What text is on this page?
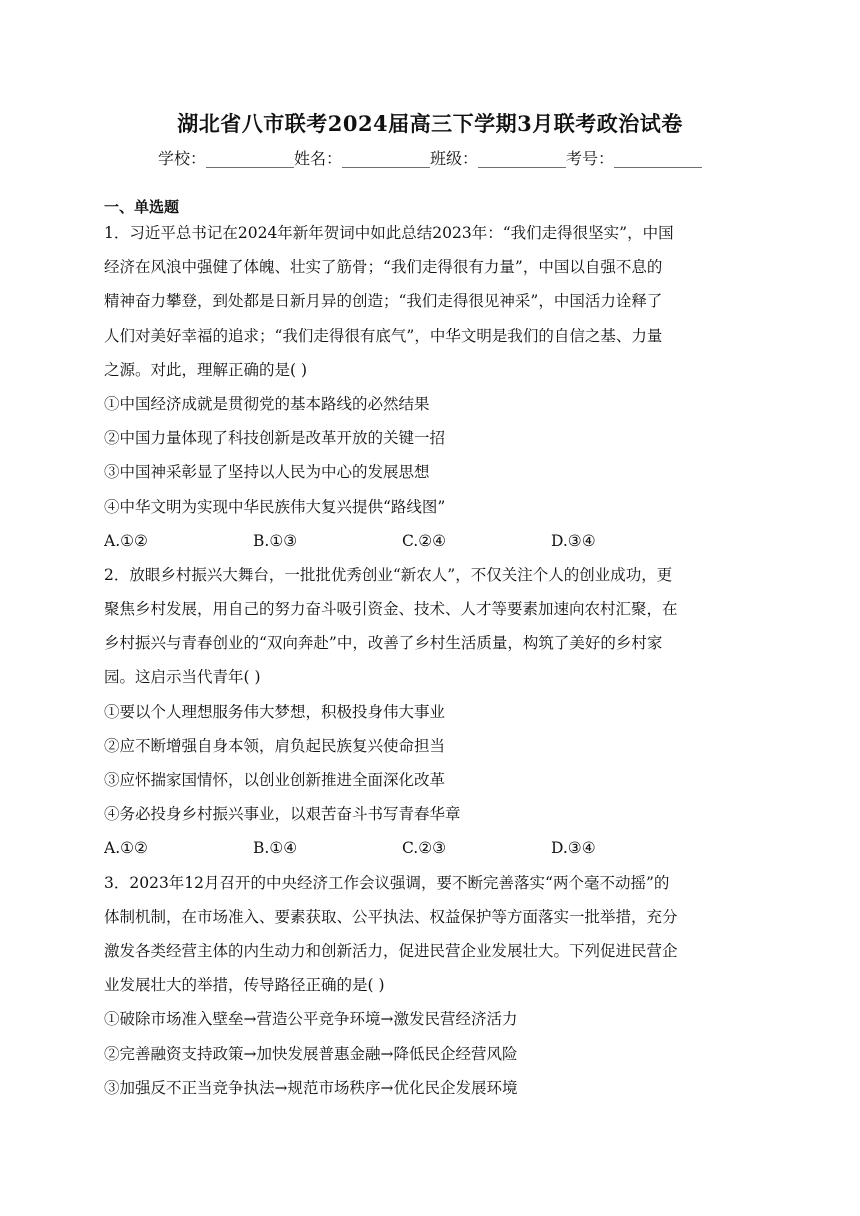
湖北省八市联考2024届高三下学期3月联考政治试卷
学校：___________姓名：___________班级：___________考号：___________
一、单选题
1．习近平总书记在2024年新年贺词中如此总结2023年：“我们走得很坚实”，中国
经济在风浪中强健了体魄、壮实了筋骨；“我们走得很有力量”，中国以自强不息的
精神奋力攀登，到处都是日新月异的创造；“我们走得很见神采”，中国活力诠释了
人们对美好幸福的追求；“我们走得很有底气”，中华文明是我们的自信之基、力量
之源。对此，理解正确的是( )
①中国经济成就是贯彻党的基本路线的必然结果
②中国力量体现了科技创新是改革开放的关键一招
③中国神采彰显了坚持以人民为中心的发展思想
④中华文明为实现中华民族伟大复兴提供“路线图”
A.①②	B.①③	C.②④	D.③④
2．放眼乡村振兴大舞台，一批批优秀创业“新农人”，不仅关注个人的创业成功，更
聚焦乡村发展，用自己的努力奋斗吸引资金、技术、人才等要素加速向农村汇聚，在
乡村振兴与青春创业的“双向奔赴”中，改善了乡村生活质量，构筑了美好的乡村家
园。这启示当代青年( )
①要以个人理想服务伟大梦想，积极投身伟大事业
②应不断增强自身本领，肩负起民族复兴使命担当
③应怀揣家国情怀，以创业创新推进全面深化改革
④务必投身乡村振兴事业，以艰苦奋斗书写青春华章
A.①②	B.①④	C.②③	D.③④
3．2023年12月召开的中央经济工作会议强调，要不断完善落实“两个毫不动摇”的
体制机制，在市场准入、要素获取、公平执法、权益保护等方面落实一批举措，充分
激发各类经营主体的内生动力和创新活力，促进民营企业发展壮大。下列促进民营企
业发展壮大的举措，传导路径正确的是( )
①破除市场准入壁垒→营造公平竞争环境→激发民营经济活力
②完善融资支持政策→加快发展普惠金融→降低民企经营风险
③加强反不正当竞争执法→规范市场秩序→优化民企发展环境
